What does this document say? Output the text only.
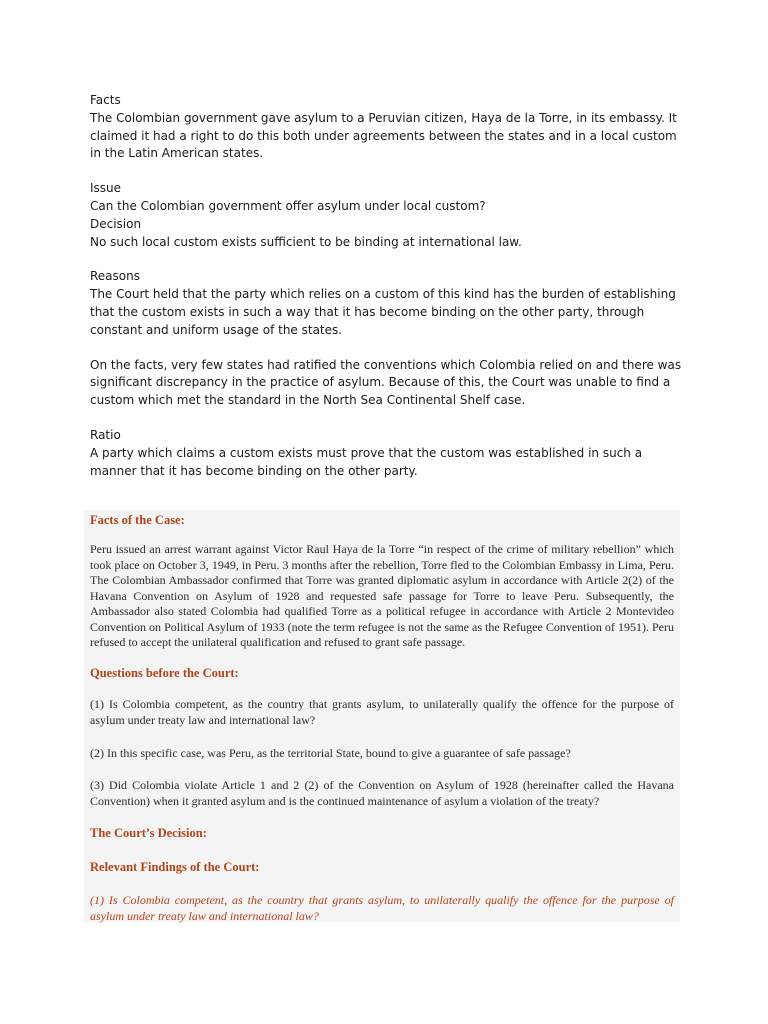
Facts

The Colombian government gave asylum to a Peruvian citizen, Haya de la Torre, in its embassy. It claimed it had a right to do this both under agreements between the states and in a local custom in the Latin American states.

Issue

Can the Colombian government offer asylum under local custom?

Decision

No such local custom exists sufficient to be binding at international law.

Reasons

The Court held that the party which relies on a custom of this kind has the burden of establishing that the custom exists in such a way that it has become binding on the other party, through constant and uniform usage of the states.

On the facts, very few states had ratified the conventions which Colombia relied on and there was significant discrepancy in the practice of asylum. Because of this, the Court was unable to find a custom which met the standard in the North Sea Continental Shelf case.

Ratio

A party which claims a custom exists must prove that the custom was established in such a manner that it has become binding on the other party.

Facts of the Case:

Peru issued an arrest warrant against Victor Raul Haya de la Torre “in respect of the crime of military rebellion” which took place on October 3, 1949, in Peru. 3 months after the rebellion, Torre fled to the Colombian Embassy in Lima, Peru. The Colombian Ambassador confirmed that Torre was granted diplomatic asylum in accordance with Article 2(2) of the Havana Convention on Asylum of 1928 and requested safe passage for Torre to leave Peru. Subsequently, the Ambassador also stated Colombia had qualified Torre as a political refugee in accordance with Article 2 Montevideo Convention on Political Asylum of 1933 (note the term refugee is not the same as the Refugee Convention of 1951). Peru refused to accept the unilateral qualification and refused to grant safe passage.

Questions before the Court:

(1) Is Colombia competent, as the country that grants asylum, to unilaterally qualify the offence for the purpose of asylum under treaty law and international law?

(2) In this specific case, was Peru, as the territorial State, bound to give a guarantee of safe passage?

(3) Did Colombia violate Article 1 and 2 (2) of the Convention on Asylum of 1928 (hereinafter called the Havana Convention) when it granted asylum and is the continued maintenance of asylum a violation of the treaty?

The Court’s Decision:

Relevant Findings of the Court:

(1) Is Colombia competent, as the country that grants asylum, to unilaterally qualify the offence for the purpose of asylum under treaty law and international law?
